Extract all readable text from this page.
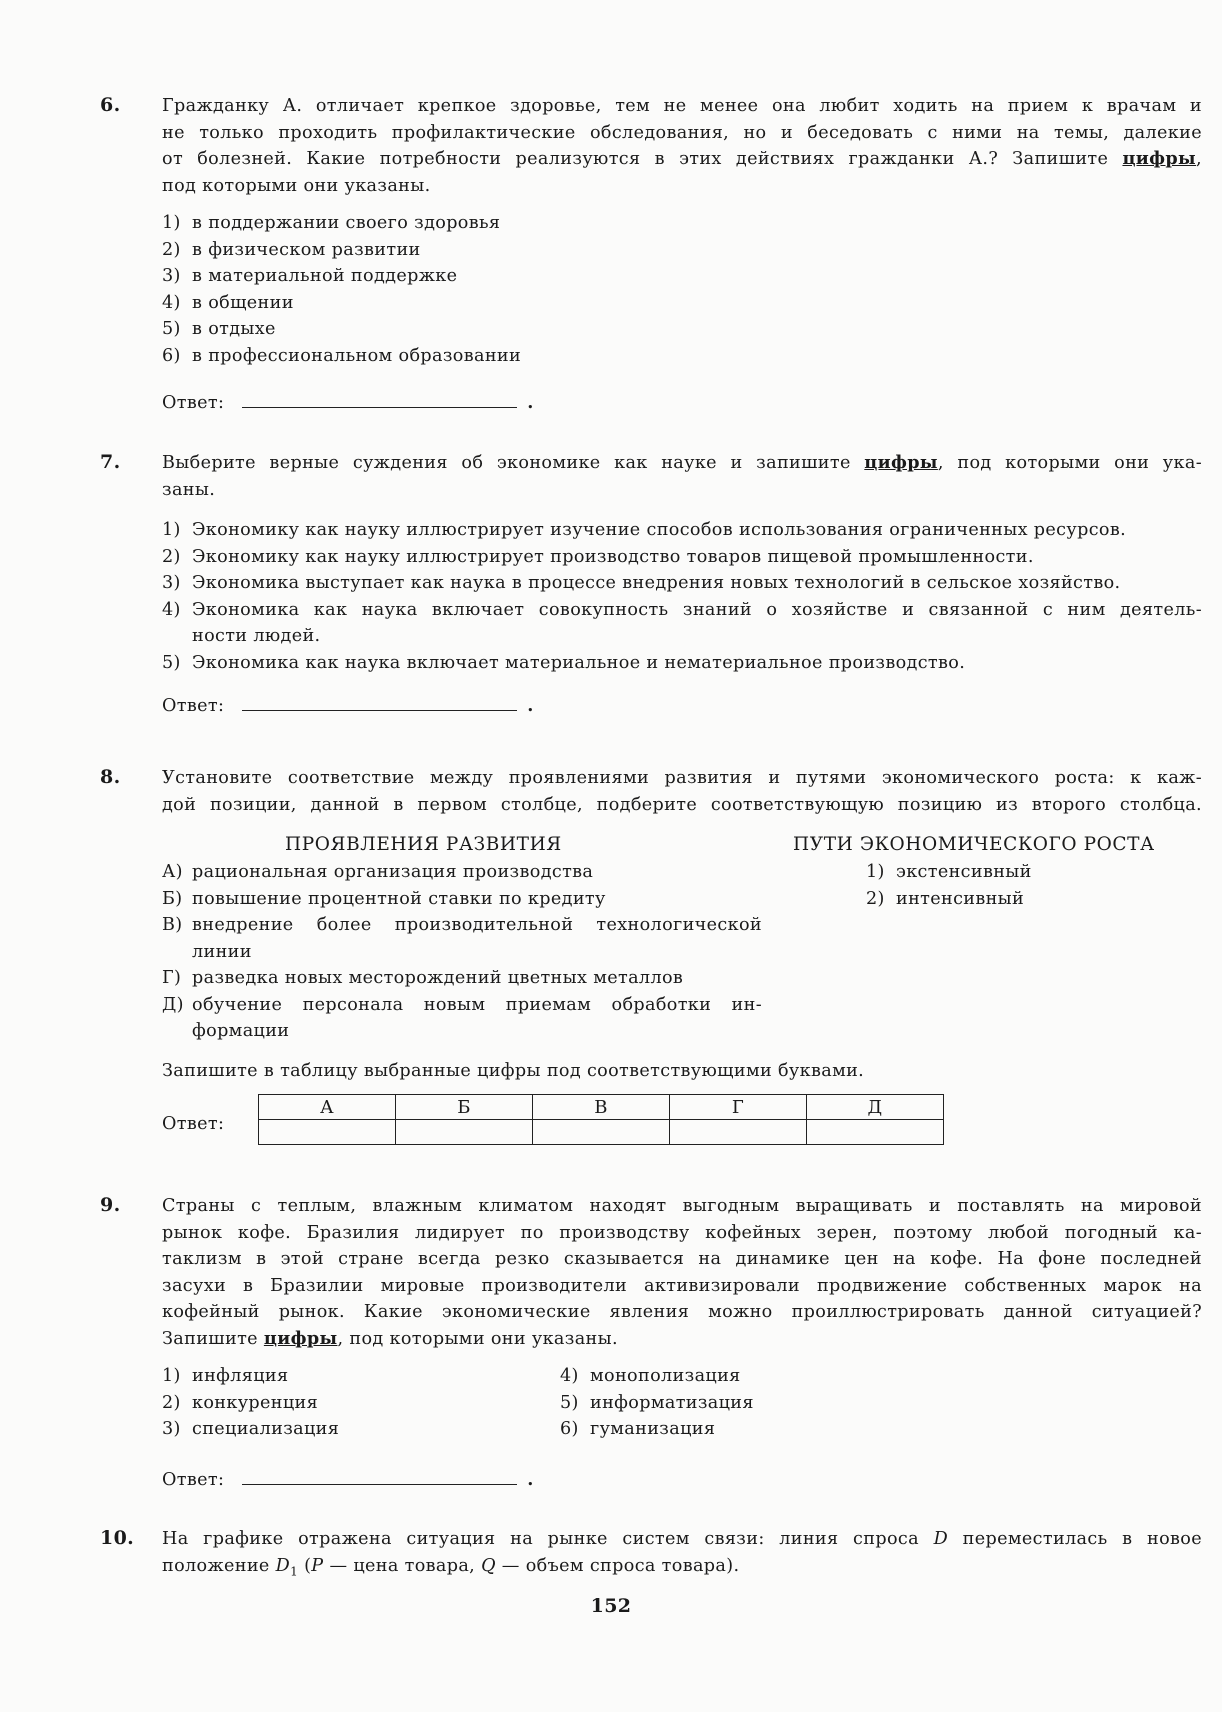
6. Гражданку А. отличает крепкое здоровье, тем не менее она любит ходить на прием к врачам и
не только проходить профилактические обследования, но и беседовать с ними на темы, далекие
от болезней. Какие потребности реализуются в этих действиях гражданки А.? Запишите цифры,
под которыми они указаны.
1) в поддержании своего здоровья
2) в физическом развитии
3) в материальной поддержке
4) в общении
5) в отдыхе
6) в профессиональном образовании
Ответ:	.
7. Выберите верные суждения об экономике как науке и запишите цифры, под которыми они ука-
заны.
1) Экономику как науку иллюстрирует изучение способов использования ограниченных ресурсов.
2) Экономику как науку иллюстрирует производство товаров пищевой промышленности.
3) Экономика выступает как наука в процессе внедрения новых технологий в сельское хозяйство.
4) Экономика как наука включает совокупность знаний о хозяйстве и связанной с ним деятель-
ности людей.
5) Экономика как наука включает материальное и нематериальное производство.
Ответ:	.
8. Установите соответствие между проявлениями развития и путями экономического роста: к каж-
дой позиции, данной в первом столбце, подберите соответствующую позицию из второго столбца.
ПРОЯВЛЕНИЯ РАЗВИТИЯ	ПУТИ ЭКОНОМИЧЕСКОГО РОСТА
А) рациональная организация производства
Б) повышение процентной ставки по кредиту
В) внедрение более производительной технологической
линии
Г) разведка новых месторождений цветных металлов
Д) обучение персонала новым приемам обработки ин-
формации
1) экстенсивный
2) интенсивный
Запишите в таблицу выбранные цифры под соответствующими буквами.
Ответ:
А	Б	В	Г	Д

9. Страны с теплым, влажным климатом находят выгодным выращивать и поставлять на мировой
рынок кофе. Бразилия лидирует по производству кофейных зерен, поэтому любой погодный ка-
таклизм в этой стране всегда резко сказывается на динамике цен на кофе. На фоне последней
засухи в Бразилии мировые производители активизировали продвижение собственных марок на
кофейный рынок. Какие экономические явления можно проиллюстрировать данной ситуацией?
Запишите цифры, под которыми они указаны.
1) инфляция
2) конкуренция
3) специализация
4) монополизация
5) информатизация
6) гуманизация
Ответ:	.
10. На графике отражена ситуация на рынке систем связи: линия спроса D переместилась в новое
положение $D_1$ (P — цена товара, Q — объем спроса товара).
152
